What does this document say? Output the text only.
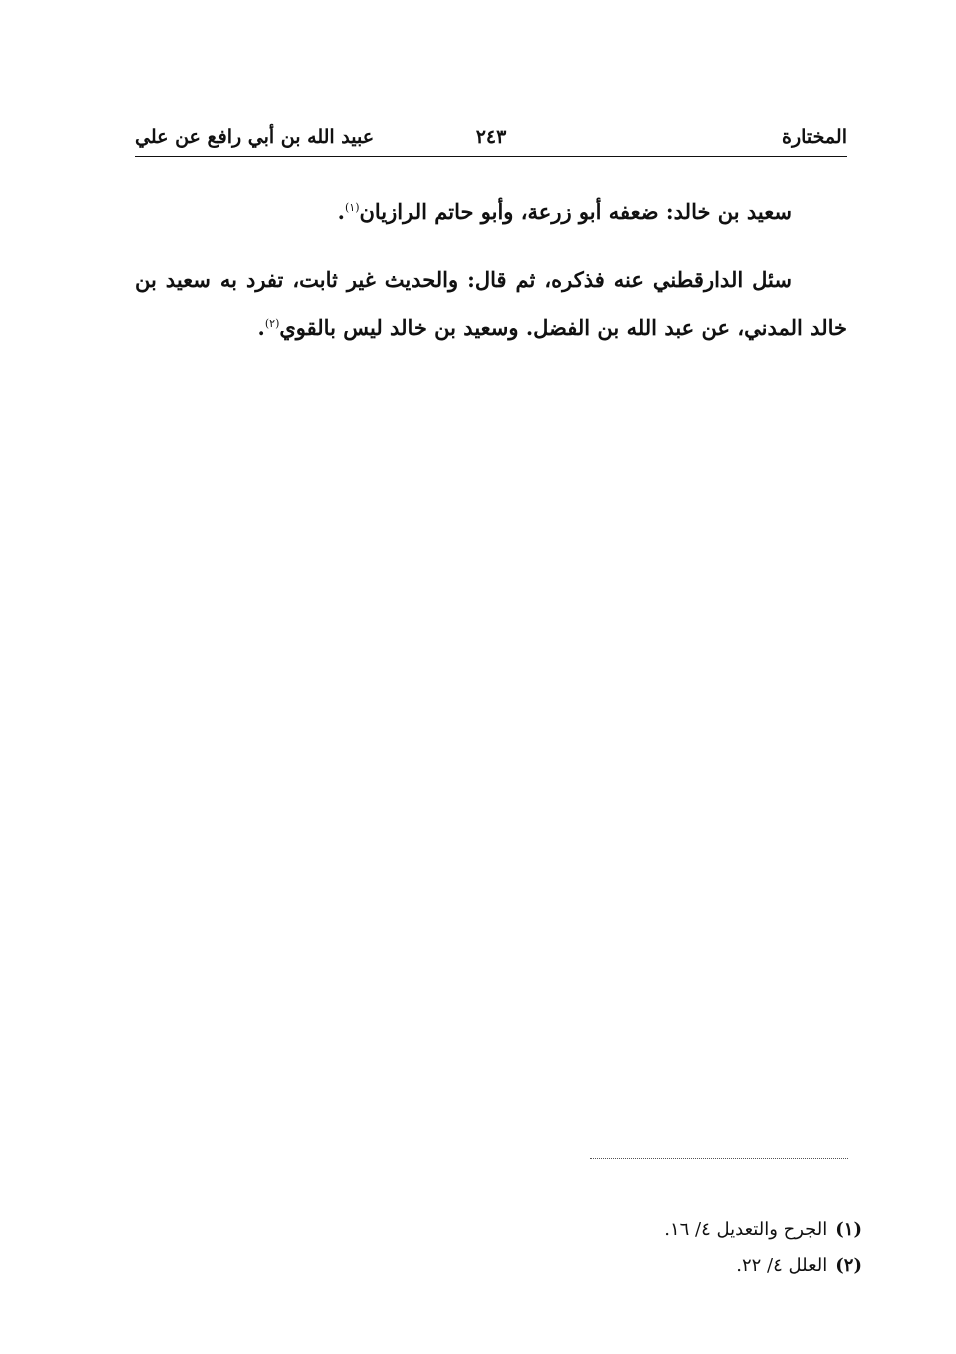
المختارة
٢٤٣
عبيد الله بن أبي رافع عن علي

سعيد بن خالد: ضعفه أبو زرعة، وأبو حاتم الرازيان$^{(١)}$.

سئل الدارقطني عنه فذكره، ثم قال: والحديث غير ثابت، تفرد به سعيد بن خالد المدني، عن عبد الله بن الفضل. وسعيد بن خالد ليس بالقوي$^{(٢)}$.

(١)الجرح والتعديل ٤/ ١٦.
(٢)العلل ٤/ ٢٢.
